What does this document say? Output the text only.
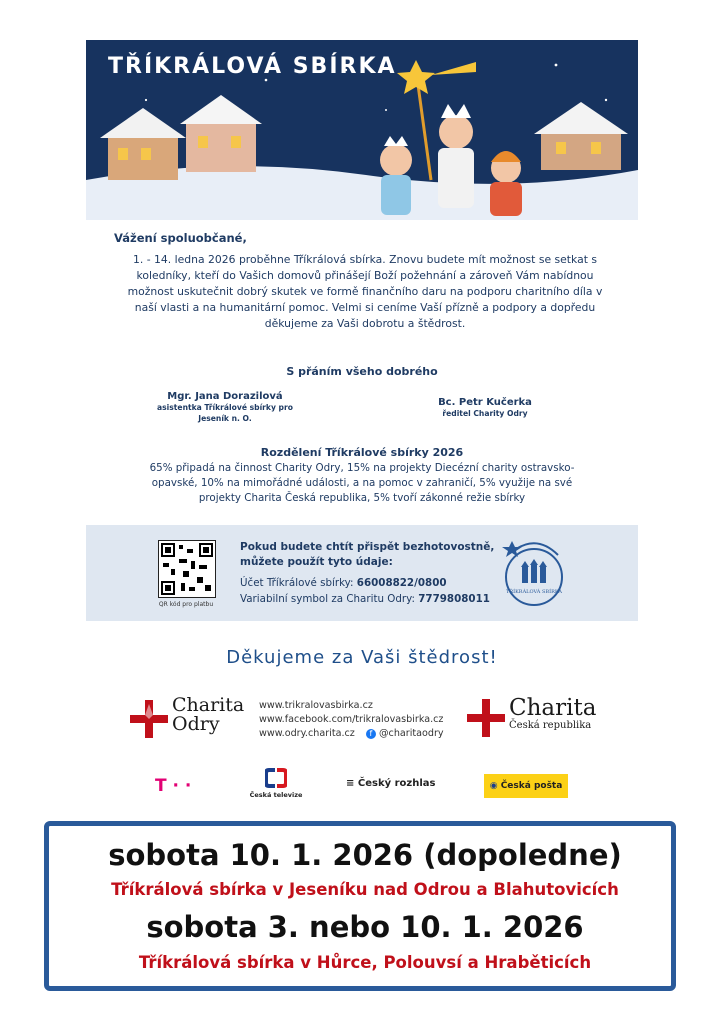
TŘÍKRÁLOVÁ SBÍRKA
Vážení spoluobčané,
1. - 14. ledna 2026 proběhne Tříkrálová sbírka. Znovu budete mít možnost se setkat s koledníky, kteří do Vašich domovů přinášejí Boží požehnání a zároveň Vám nabídnou možnost uskutečnit dobrý skutek ve formě finančního daru na podporu charitního díla v naší vlasti a na humanitární pomoc. Velmi si ceníme Vaší přízně a podpory a dopředu děkujeme za Vaši dobrotu a štědrost.
S přáním všeho dobrého
Mgr. Jana Dorazilová
asistentka Tříkrálové sbírky pro Jeseník n. O.
Bc. Petr Kučerka
ředitel Charity Odry
Rozdělení Tříkrálové sbírky 2026
65% připadá na činnost Charity Odry, 15% na projekty Diecézní charity ostravsko-opavské, 10% na mimořádné události, a na pomoc v zahraničí, 5% využije na své projekty Charita Česká republika, 5% tvoří zákonné režie sbírky
QR kód pro platbu
Pokud budete chtít přispět bezhotovostně,
můžete použít tyto údaje:
Účet Tříkrálové sbírky: 66008822/0800
Variabilní symbol za Charitu Odry: 7779808011
TŘÍKRÁLOVÁ SBÍRKA
Děkujeme za Vaši štědrost!
Charita
Odry
www.trikralovasbirka.cz
www.facebook.com/trikralovasbirka.cz
www.odry.charita.cz f @charitaodry
Charita
Česká republika
T · ·	Česká televize
≡ Český rozhlas	◉ Česká pošta
sobota 10. 1. 2026 (dopoledne)
Tříkrálová sbírka v Jeseníku nad Odrou a Blahutovicích
sobota 3. nebo 10. 1. 2026
Tříkrálová sbírka v Hůrce, Polouvsí a Hraběticích
